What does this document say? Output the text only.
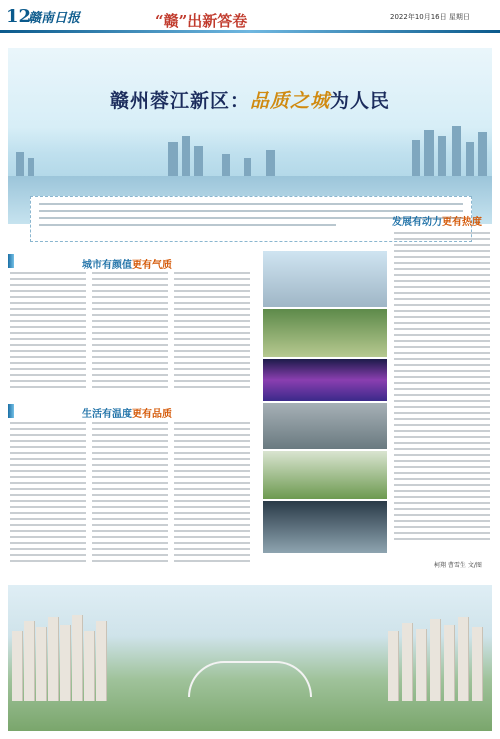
12
赣南日报	“赣”出新答卷	2022年10月16日 星期日
赣州蓉江新区：品质之城为人民
城市有颜值更有气质
生活有温度更有品质
发展有动力更有热度
柯翔 曹雪生 文/图
